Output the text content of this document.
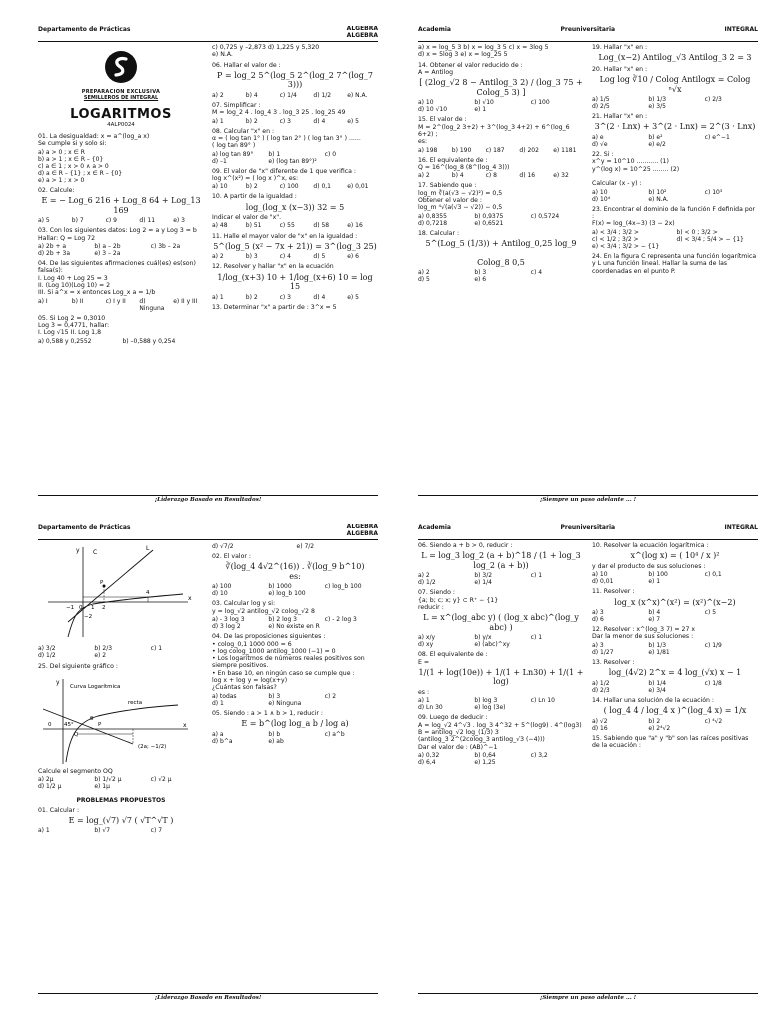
Departamento de Prácticas	ALGEBRA
ALGEBRA
PREPARACION EXCLUSIVA
SEMILLEROS DE INTEGRAL
LOGARITMOS
4ALP0024
01. La desigualdad: x = a^(log_a x)
Se cumple si y solo si:
a) a > 0 ; x ∈ R
b) a > 1 ; x ∈ R – {0}
c) a ∈ 1 ; x > 0 ∧ a > 0
d) a ∈ R – {1} ; x ∈ R – {0}
e) a > 1 ; x > 0
02. Calcule:
E = − Log_6 216 + Log_8 64 + Log_13 169
a) 5	b) 7	c) 9	d) 11	e) 3
03. Con los siguientes datos: Log 2 = a y Log 3 = b
Hallar: Q = Log 72
a) 2b + a	b) a – 2b	c) 3b – 2a
d) 2b + 3a	e) 3 – 2a
04. De las siguientes afirmaciones cuál(es) es(son) falsa(s):
I. Log 40 + Log 25 = 3
II. (Log 10)(Log 10) = 2
III. Si a^x = x entonces Log_x a = 1/b
a) I	b) II	c) I y II	d) Ninguna
e) II y III
05. Si Log 2 = 0,3010
Log 3 = 0,4771, hallar:
I. Log √15 II. Log 1,8
a) 0,588 y 0,2552	b) –0,588 y 0,254
c) 0,725 y –2,873 d) 1,225 y 5,320
e) N.A.
06. Hallar el valor de :
P = log_2 5^(log_5 2^(log_2 7^(log_7 3)))
a) 2	b) 4	c) 1/4	d) 1/2	e) N.A.
07. Simplificar :
M = log_2 4 . log_4 3 . log_3 25 . log_25 49
a) 1	b) 2	c) 3	d) 4	e) 5
08. Calcular "x" en :
α = ( log tan 1° ) ( log tan 2° ) ( log tan 3° ) ......
( log tan 89° )
a) log tan 89°	b) 1	c) 0
d) –1	e) (log tan 89°)²
09. El valor de "x" diferente de 1 que verifica :
log x^(x²) = ( log x )^x, es:
a) 10	b) 2	c) 100	d) 0,1	e) 0,01
10. A partir de la igualdad :
log_(log_x (x−3)) 32 = 5
Indicar el valor de "x".
a) 48	b) 51	c) 55	d) 58	e) 16
11. Halle el mayor valor de "x" en la igualdad :
5^(log_5 (x² − 7x + 21)) = 3^(log_3 25)
a) 2	b) 3	c) 4	d) 5	e) 6
12. Resolver y hallar "x" en la ecuación
1/log_(x+3) 10 + 1/log_(x+6) 10 = log 15
a) 1	b) 2	c) 3	d) 4	e) 5
13. Determinar "x" a partir de : 3^x = 5
¡Liderazgo Basado en Resultados!
Academia	Preuniversitaria	INTEGRAL
a) x = log_5 3 b) x = log_3 5 c) x = 3log 5
d) x = 5log 3 e) x = log_25 5
14. Obtener el valor reducido de :
A = Antilog
[ (2log_√2 8 − Antilog_3 2) / (log_3 75 + Colog_5 3) ]
a) 10	b) √10	c) 100
d) 10 √10	e) 1
15. El valor de :
M = 2^(log_2 3+2) + 3^(log_3 4+2) + 6^(log_6 6+2) ;
es:
a) 198	b) 190	c) 187	d) 202	e) 1181
16. El equivalente de :
Q = 16^(log_8 (8^(log_4 3)))
a) 2	b) 4	c) 8	d) 16	e) 32
17. Sabiendo que :
log_m ∛(a(√3 − √2)²) = 0,5
Obtener el valor de :
log_m ⁴√(a(√3 − √2)) − 0,5
a) 0,8355	b) 0,9375	c) 0,5724
d) 0,7218	e) 0,6521
18. Calcular :
5^(Log_5 (1/3)) + Antilog_0,25 log_9

Colog_8 0,5
a) 2	b) 3	c) 4
d) 5	e) 6
19. Hallar "x" en :
Log_(x−2) Antilog_√3 Antilog_3 2 = 3
20. Hallar "x" en :
Log log ∛10 / Colog Antilogx = Colog ⁿ√x
a) 1/5	b) 1/3	c) 2/3
d) 2/5	e) 3/5
21. Hallar "x" en :
3^(2 · Lnx) + 3^(2 · Lnx) = 2^(3 · Lnx)
a) e	b) e²	c) e^−1
d) √e	e) e/2
22. Si :
x^y = 10^10 ........... (1)
y^(log x) = 10^25 ........ (2)

Calcular (x - y) :
a) 10	b) 10²	c) 10³
d) 10⁴	e) N.A.
23. Encontrar el dominio de la función F definida por :
F(x) = log_(4x−3) (3 − 2x)
a) < 3/4 ; 3/2 >	b) < 0 ; 3/2 >
c) < 1/2 ; 3/2 >	d) < 3/4 ; 5/4 > − {1}
e) < 3/4 ; 3/2 > − {1}
24. En la figura C representa una función logarítmica y L una función lineal. Hallar la suma de las coordenadas en el punto P.
¡Siempre un paso adelante ... !
Departamento de Prácticas	ALGEBRA
ALGEBRA
y C
L
P
−1 0 1 2
4
x
−2
a) 3/2	b) 2/3	c) 1
d) 1/2	e) 2
25. Del siguiente gráfico :
y
Curva Logarítmica
recta
θ
0 45°
Q
(2a; −1/2)
x
P
Calcule el segmento OQ
a) 2μ	b) 1/√2 μ	c) √2 μ
d) 1/2 μ	e) 1μ
PROBLEMAS PROPUESTOS
01. Calcular :
E = log_(√7) √7 ( √T^√T )
a) 1	b) √7	c) 7
d) √7/2	e) 7/2
02. El valor :
∛(log_4 4√2^(16)) . ∛(log_9 b^10)
es:
a) 100	b) 1000	c) log_b 100
d) 10	e) log_b 100
03. Calcular log y si:
y = log_√2 antilog_√2 colog_√2 8
a) - 3 log 3	b) 2 log 3	c) - 2 log 3
d) 3 log 2	e) No existe en R
04. De las proposiciones siguientes :
• colog_0,1 1000 000 = 6
• log colog_1000 antilog_1000 (−1) = 0
• Los logaritmos de números reales positivos son siempre positivos.
• En base 10, en ningún caso se cumple que :
log x + log y = log(x+y)
¿Cuántas son falsas?
a) todas	b) 3	c) 2
d) 1	e) Ninguna
05. Siendo : a > 1 ∧ b > 1, reducir :
E = b^(log log_a b / log a)
a) a	b) b	c) a^b
d) b^a	e) ab
¡Liderazgo Basado en Resultados!
Academia	Preuniversitaria	INTEGRAL
06. Siendo a + b > 0, reducir :
L = log_3 log_2 (a + b)^18 / (1 + log_3 log_2 (a + b))
a) 2	b) 3/2	c) 1
d) 1/2	e) 1/4
07. Siendo :
{a; b; c; x; y} ⊂ R⁺ − {1}
reducir :
L = x^(log_abc y) ( (log_x abc)^(log_y abc) )
a) x/y	b) y/x	c) 1
d) xy	e) (abc)^xy
08. El equivalente de :
E =
1/(1 + log(10e)) + 1/(1 + Ln30) + 1/(1 + log)
es :
a) 1	b) log 3	c) Ln 10
d) Ln 30	e) log (3e)
09. Luego de deducir :
A = log_√2 4^√3 . log_3 4^32 + 5^(log9) . 4^(log3)
B = antilog_√2 log_(1/3) 3
(antilog_3 2^(2colog_3 antilog_√3 (−4)))
Dar el valor de : (AB)^−1
a) 0,32	b) 0,64	c) 3,2
d) 6,4	e) 1,25
10. Resolver la ecuación logarítmica :
x^(log x) = ( 10⁴ / x )²
y dar el producto de sus soluciones :
a) 10	b) 100	c) 0,1
d) 0,01	e) 1
11. Resolver :
log_x (x^x)^(x²) = (x²)^(x−2)
a) 3	b) 4	c) 5
d) 6	e) 7
12. Resolver : x^(log_3 7) = 27 x
Dar la menor de sus soluciones :
a) 3	b) 1/3	c) 1/9
d) 1/27	e) 1/81
13. Resolver :
log_(4√2) 2^x = 4 log_(√x) x − 1
a) 1/2	b) 1/4	c) 1/8
d) 2/3	e) 3/4
14. Hallar una solución de la ecuación :
( log_4 4 / log_4 x )^(log_4 x) = 1/x
a) √2	b) 2	c) ⁴√2
d) 16	e) 2⁴√2
15. Sabiendo que "a" y "b" son las raíces positivas de la ecuación :
¡Siempre un paso adelante ... !
